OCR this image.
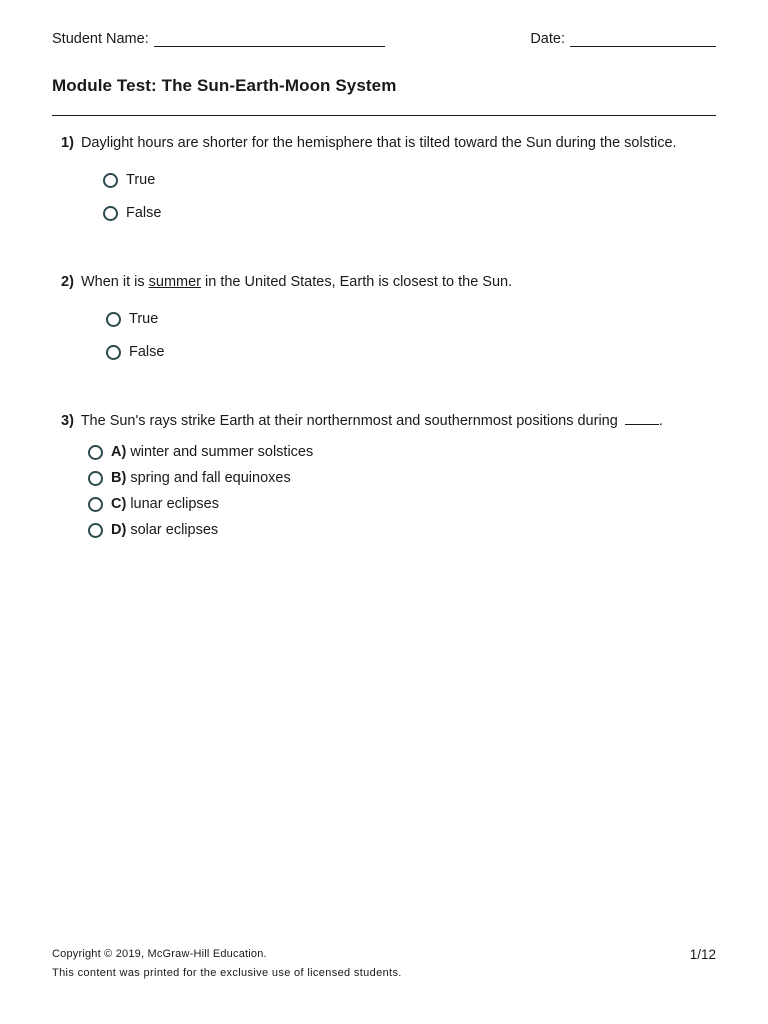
Student Name:	Date:
Module Test: The Sun-Earth-Moon System
1) Daylight hours are shorter for the hemisphere that is tilted toward the Sun during the solstice.
True
False
2) When it is summer in the United States, Earth is closest to the Sun.
True
False
3) The Sun's rays strike Earth at their northernmost and southernmost positions during	.
A) winter and summer solstices
B) spring and fall equinoxes
C) lunar eclipses
D) solar eclipses
Copyright © 2019, McGraw-Hill Education.
This content was printed for the exclusive use of licensed students.
1/12
